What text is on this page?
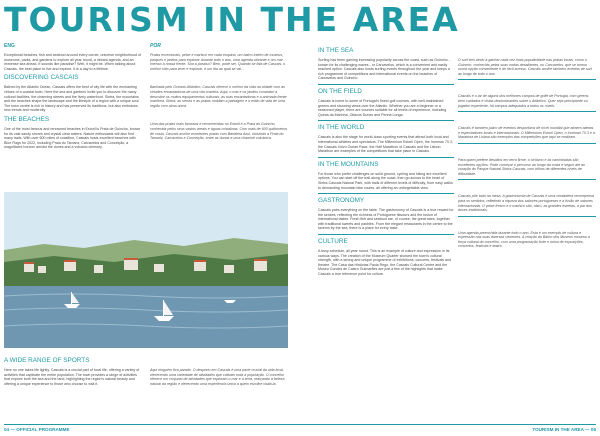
TOURISM IN THE AREA
ENG

Exceptional beaches, fish and seafood around every corner, universe neighborhood of museums, parks, and gardens to explore all year round, a vibrant agenda, and an immense sea ahead. It sounds like paradise? Well, it might be. When talking about Cascais, the best place to live and explore, it is a day to a lifetime.

DISCOVERING CASCAIS

Bathed by the Atlantic Ocean, Cascais offers the best of city life with the enchanting virtues of a coastal town. Here the sea and gardens invite you to discover the many cultural facilities, the charming streets and the lively waterfront. Sintra, the mountains and the beaches shape the landscape and the lifestyle of a region with a unique soul. The town centre is rich in history and has preserved its traditions, but also embraces new trends and modernity.

THE BEACHES

One of the most famous and renowned beaches in Estoril is Praia de Guincho, known for its vast sandy shores and crystal clear waters. Nature enthusiasts will also find many trails. With over 600 miles of coastline, Cascais hosts excellent beaches with Blue Flags for 2022, including Praia do Tamariz, Carcavelos and Conceição, a magnificent horizon amidst the dunes and a volcanic chimney.

POR

Praias excecionais, peixe e marisco em cada esquina, um bairro inteiro de museus, parques e jardins para explorar durante todo o ano, uma agenda vibrante e um mar imenso à nossa frente. Soa a paraíso? Bem, pode ser. Quando se fala de Cascais, o melhor sítio para viver e explorar, é um dia ao qual se vai...

Banhada pelo Oceano Atlântico, Cascais oferece o melhor da vida na cidade com as virtudes encantadoras de uma vila costeira. Aqui, o mar e os jardins convidam a descobrir os muitos equipamentos culturais, as ruas encantadoras e a animada frente marítima. Sintra, as serras e as praias moldam a paisagem e o estilo de vida de uma região com alma única.

Uma das praias mais famosas e reconhecidas no Estoril é a Praia do Guincho, conhecida pelos seus vastos areais e águas cristalinas. Com mais de 600 quilómetros de costa, Cascais acolhe excelentes praias com Bandeira Azul, incluindo a Praia do Tamariz, Carcavelos e Conceição, entre as dunas e uma chaminé vulcânica.

A WIDE RANGE OF SPORTS

Here no one takes life lightly. Cascais is a crucial part of local life, offering a variety of activities that captivate the entire population. The town provides a range of activities that explore both the sea and the land, highlighting the region's natural beauty and offering a unique experience to those who choose to visit it.

Aqui ninguém fica parado. O desporto em Cascais é uma parte crucial da vida local, oferecendo uma variedade de atividades que cativam toda a população. O concelho oferece um conjunto de atividades que exploram o mar e a terra, realçando a beleza natural da região e oferecendo uma experiência única a quem escolhe visitá-la.

IN THE SEA

Surfing has been gaining increasing popularity across the coast, such as Guincho - known for its challenging waves - or Carcavelos, which is a convenient and easily reached option. Cascais also hosts surfing events throughout the year and keeps a rich programme of competitions and international events on the beaches of Carcavelos and Guincho.

ON THE FIELD

Cascais is home to some of Portugal's finest golf courses, with well-maintained greens and stunning views over the Atlantic. Whether you are a beginner or a seasoned player, there are courses suitable for all levels of experience, including Quinta da Marinha, Oitavos Dunes and Penha Longa.

IN THE WORLD

Cascais is also the stage for world-class sporting events that attract both local and international athletes and spectators. The Millennium Estoril Open, the Ironman 70.3, the Cascais Volvo Ocean Race, the Half Marathon of Cascais and the Lisbon Marathon are examples of the competitions that take place in Cascais.

IN THE MOUNTAINS

For those who prefer challenges on solid ground, cycling and hiking are excellent options. You can start off the trail along the coast, then go across to the heart of Sintra-Cascais Natural Park, with trails of different levels of difficulty, from easy walks to demanding mountain bike routes, all offering an unforgettable view.

GASTRONOMY

Cascais pairs everything on the table. The gastronomy of Cascais is a true reward for the senses, reflecting the richness of Portuguese flavours and the fusion of international tastes. Fresh fish and seafood are, of course, the great stars, together with traditional sweets and pastries. From the elegant restaurants in the centre to the taverns by the sea, there is a place for every taste.

CULTURE

A busy schedule, all year round. This is an example of culture and expression in its various ways. The creation of the Museum Quarter showed the town's cultural strength, with a strong and unique programme of exhibitions, concerts, festivals and theatre. The Casa das Histórias Paula Rego, the Cascais Cultural Centre and the Museu Condes de Castro Guimarães are just a few of the highlights that make Cascais a true reference point for culture.

O surf tem vindo a ganhar cada vez mais popularidade nas praias locais, como o Guincho, conhecido pelas suas ondas desafiantes, ou Carcavelos, que se tornou numa opção conveniente e de fácil acesso. Cascais acolhe também eventos de surf ao longo de todo o ano.

Cascais é o lar de alguns dos melhores campos de golfe de Portugal, com greens bem cuidados e vistas deslumbrantes sobre o Atlântico. Quer seja principiante ou jogador experiente, há campos adequados a todos os níveis.

Cascais é também palco de eventos desportivos de nível mundial que atraem atletas e espectadores locais e internacionais. O Millennium Estoril Open, o Ironman 70.3 e a Maratona de Lisboa são exemplos das competições que aqui se realizam.

Para quem prefere desafios em terra firme, o ciclismo e as caminhadas são excelentes opções. Pode começar o percurso ao longo da costa e seguir até ao coração do Parque Natural Sintra-Cascais, com trilhos de diferentes níveis de dificuldade.

Cascais põe tudo na mesa. A gastronomia de Cascais é uma verdadeira recompensa para os sentidos, refletindo a riqueza dos sabores portugueses e a fusão de sabores internacionais. O peixe fresco e o marisco são, claro, as grandes estrelas, a par dos doces tradicionais.

Uma agenda preenchida durante todo o ano. Esta é um exemplo de cultura e expressão nas suas diversas vertentes. A criação do Bairro dos Museus mostrou a força cultural do concelho, com uma programação forte e única de exposições, concertos, festivais e teatro.

04 — OFFICIAL PROGRAMME	TOURISM IN THE AREA — 05
